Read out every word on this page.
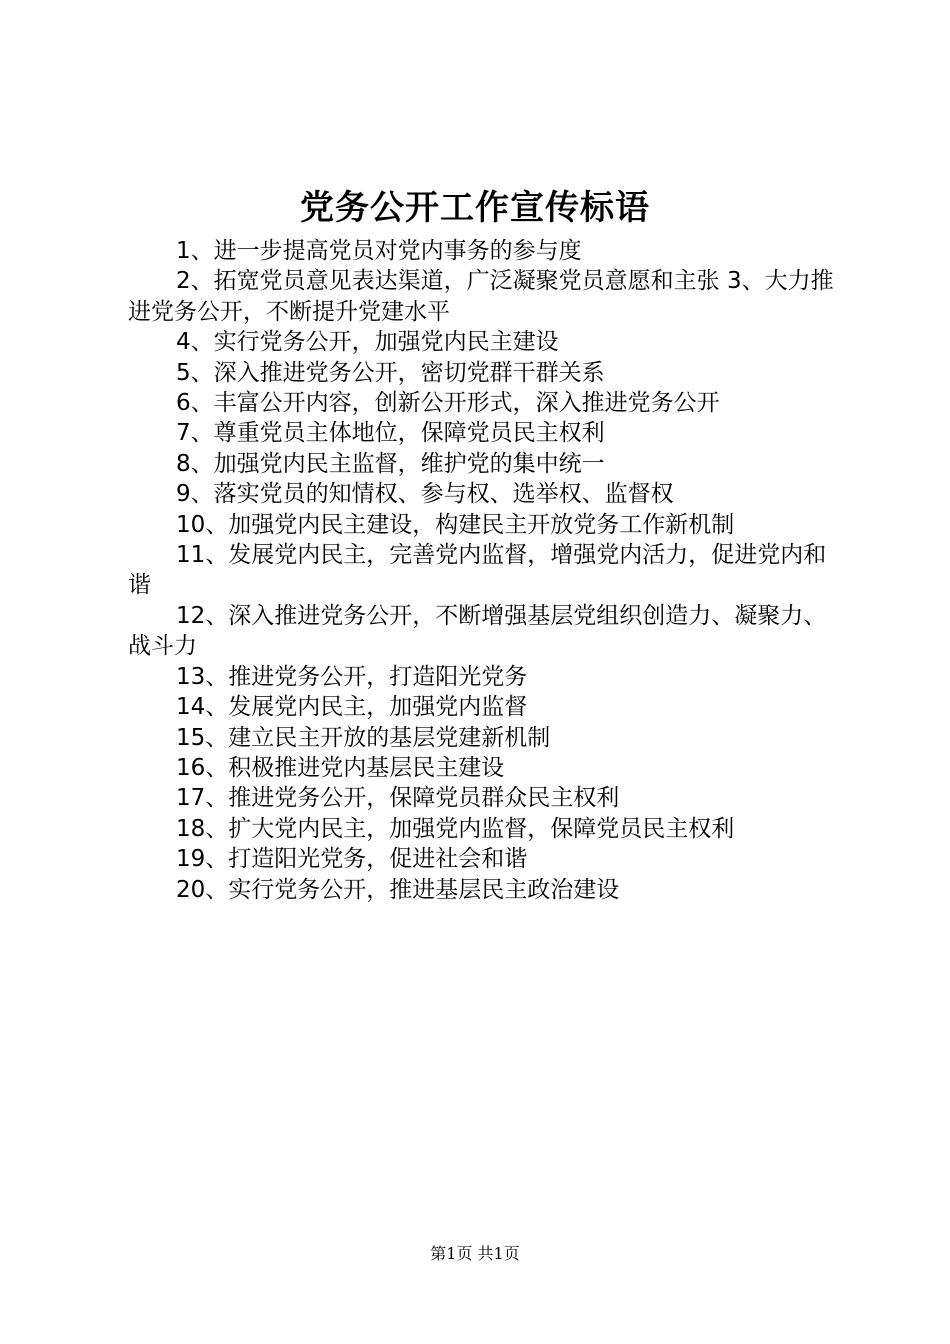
党务公开工作宣传标语

1、进一步提高党员对党内事务的参与度

2、拓宽党员意见表达渠道，广泛凝聚党员意愿和主张 3、大力推进党务公开，不断提升党建水平

4、实行党务公开，加强党内民主建设

5、深入推进党务公开，密切党群干群关系

6、丰富公开内容，创新公开形式，深入推进党务公开

7、尊重党员主体地位，保障党员民主权利

8、加强党内民主监督，维护党的集中统一

9、落实党员的知情权、参与权、选举权、监督权

10、加强党内民主建设，构建民主开放党务工作新机制

11、发展党内民主，完善党内监督，增强党内活力，促进党内和谐

12、深入推进党务公开，不断增强基层党组织创造力、凝聚力、战斗力

13、推进党务公开，打造阳光党务

14、发展党内民主，加强党内监督

15、建立民主开放的基层党建新机制

16、积极推进党内基层民主建设

17、推进党务公开，保障党员群众民主权利

18、扩大党内民主，加强党内监督，保障党员民主权利

19、打造阳光党务，促进社会和谐

20、实行党务公开，推进基层民主政治建设

第1页 共1页
